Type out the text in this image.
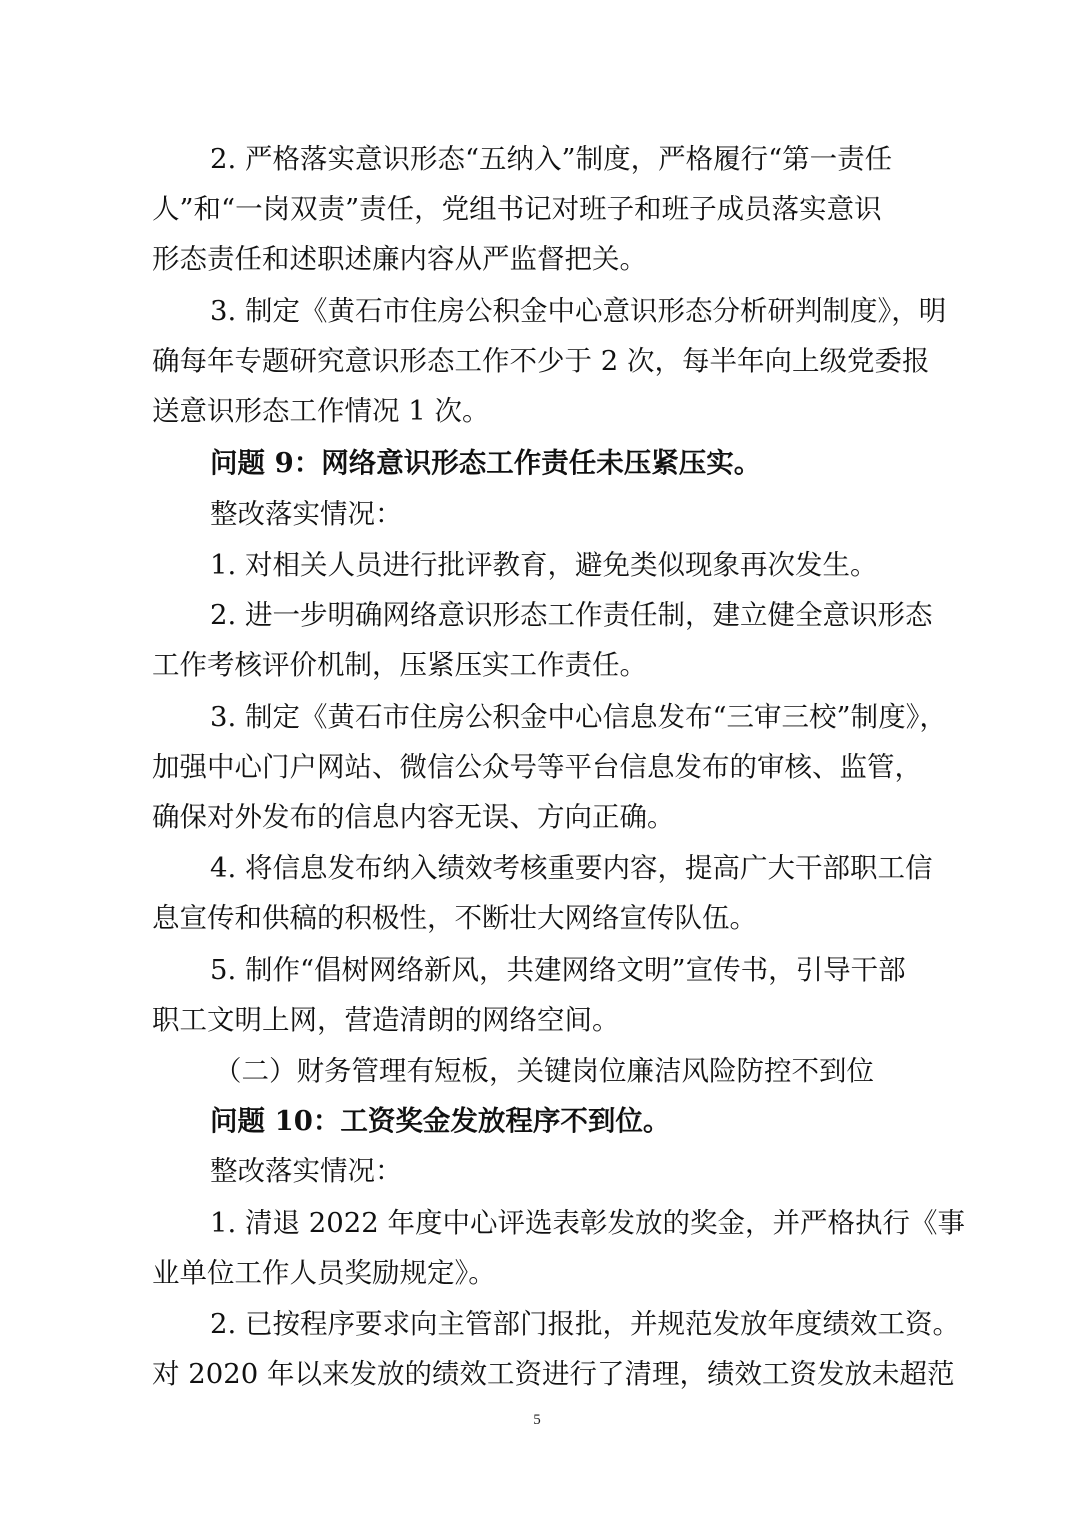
2. 严格落实意识形态“五纳入”制度，严格履行“第一责任

人”和“一岗双责”责任，党组书记对班子和班子成员落实意识

形态责任和述职述廉内容从严监督把关。

3. 制定《黄石市住房公积金中心意识形态分析研判制度》，明

确每年专题研究意识形态工作不少于 2 次，每半年向上级党委报

送意识形态工作情况 1 次。

问题 9：网络意识形态工作责任未压紧压实。

整改落实情况：

1. 对相关人员进行批评教育，避免类似现象再次发生。

2. 进一步明确网络意识形态工作责任制，建立健全意识形态

工作考核评价机制，压紧压实工作责任。

3. 制定《黄石市住房公积金中心信息发布“三审三校”制度》，

加强中心门户网站、微信公众号等平台信息发布的审核、监管，

确保对外发布的信息内容无误、方向正确。

4. 将信息发布纳入绩效考核重要内容，提高广大干部职工信

息宣传和供稿的积极性，不断壮大网络宣传队伍。

5. 制作“倡树网络新风，共建网络文明”宣传书，引导干部

职工文明上网，营造清朗的网络空间。

（二）财务管理有短板，关键岗位廉洁风险防控不到位

问题 10：工资奖金发放程序不到位。

整改落实情况：

1. 清退 2022 年度中心评选表彰发放的奖金，并严格执行《事

业单位工作人员奖励规定》。

2. 已按程序要求向主管部门报批，并规范发放年度绩效工资。

对 2020 年以来发放的绩效工资进行了清理，绩效工资发放未超范

5
